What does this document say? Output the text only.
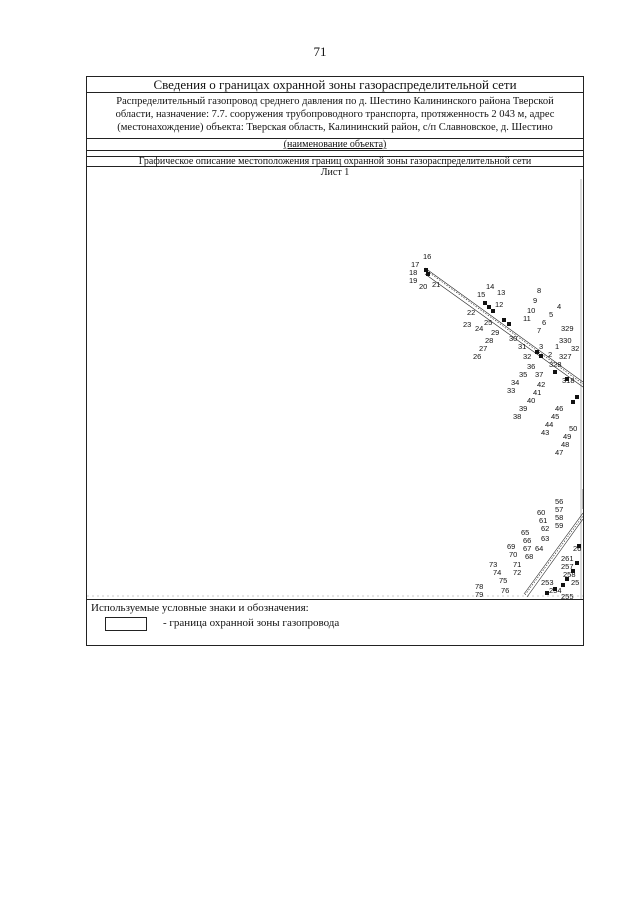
71
Сведения о границах охранной зоны газораспределительной сети
Распределительный газопровод среднего давления по д. Шестино Калининского района Тверской
области, назначение: 7.7. сооружения трубопроводного транспорта, протяженность 2 043 м, адрес
(местонахождение) объекта: Тверская область, Калининский район, с/п Славновское, д. Шестино
(наименование объекта)
Графическое описание местоположения границ охранной зоны газораспределительной сети
Лист 1
16
17
18
19
20 21
15
14
13
12
22
23 24
25
29
28
27
26
11
10
9
8
4
5
6
7
30
31 3
2
1
32
329
330
32
327
36
35 37
328
34
33
42 318
41
40
39
38
46
45
44
43	50
49
48
47
56
57
58
60
61
59
62
65
66 63
69 67 64
70 68
26
73 71
261
74 72
257
75
258
78
79 76
253
254
25
255
Используемые условные знаки и обозначения:
- граница охранной зоны газопровода
